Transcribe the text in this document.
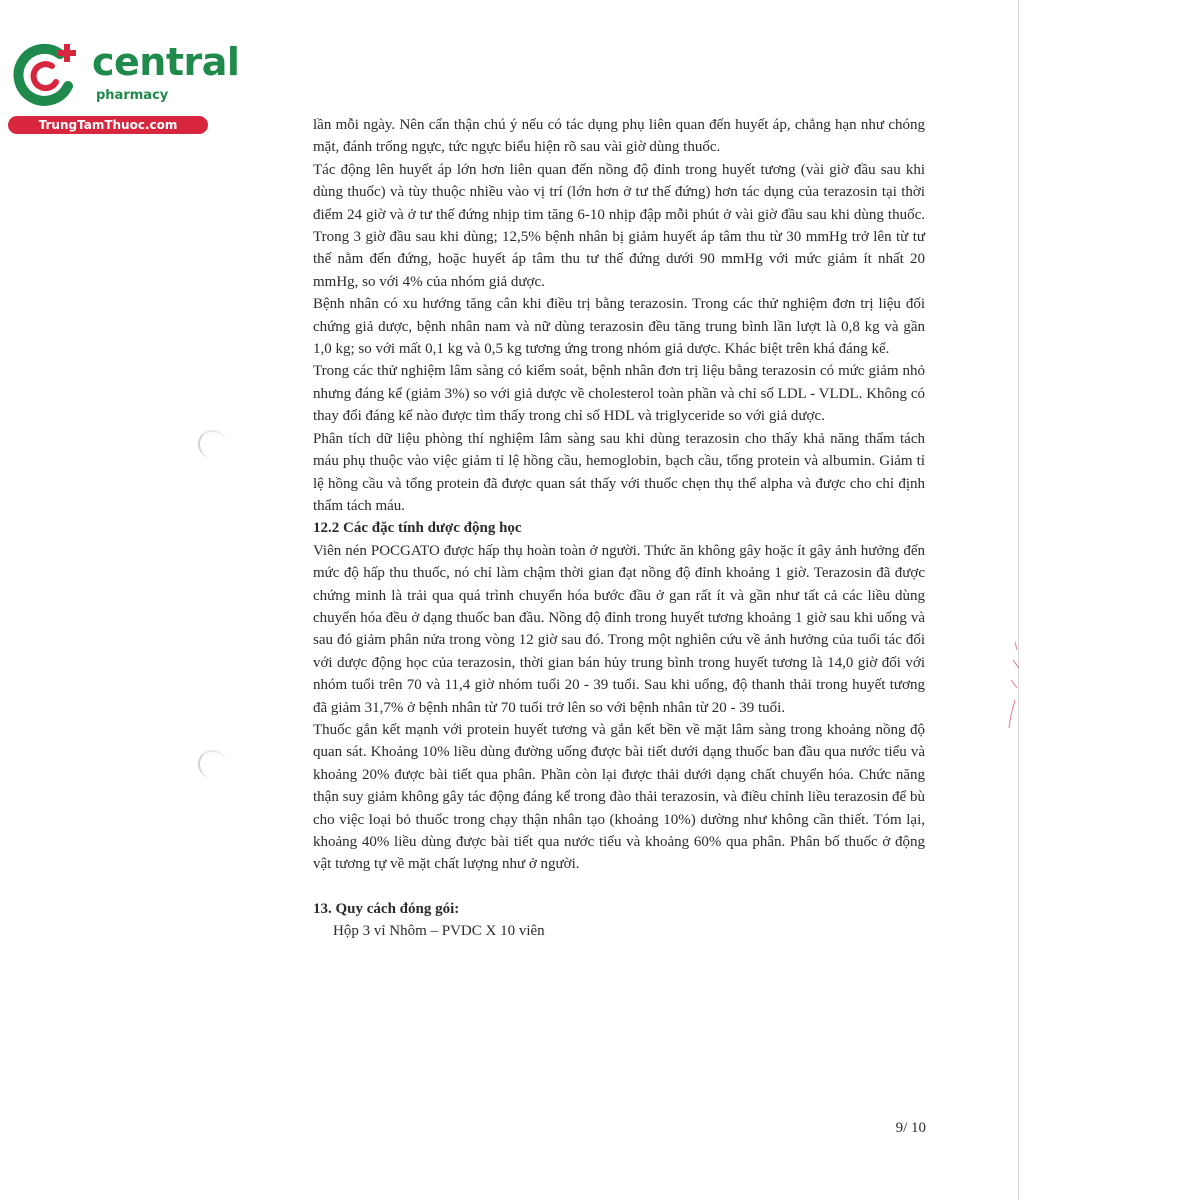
central
pharmacy
TrungTamThuoc.com	lần mỗi ngày. Nên cẩn thận chú ý nếu có tác dụng phụ liên quan đến huyết áp, chẳng hạn như chóng mặt, đánh trống ngực, tức ngực biểu hiện rõ sau vài giờ dùng thuốc.

Tác động lên huyết áp lớn hơn liên quan đến nồng độ đỉnh trong huyết tương (vài giờ đầu sau khi dùng thuốc) và tùy thuộc nhiều vào vị trí (lớn hơn ở tư thế đứng) hơn tác dụng của terazosin tại thời điểm 24 giờ và ở tư thế đứng nhịp tim tăng 6-10 nhịp đập mỗi phút ở vài giờ đầu sau khi dùng thuốc. Trong 3 giờ đầu sau khi dùng; 12,5% bệnh nhân bị giảm huyết áp tâm thu từ 30 mmHg trở lên từ tư thế nằm đến đứng, hoặc huyết áp tâm thu tư thế đứng dưới 90 mmHg với mức giảm ít nhất 20 mmHg, so với 4% của nhóm giả dược.

Bệnh nhân có xu hướng tăng cân khi điều trị bằng terazosin. Trong các thử nghiệm đơn trị liệu đối chứng giả dược, bệnh nhân nam và nữ dùng terazosin đều tăng trung bình lần lượt là 0,8 kg và gần 1,0 kg; so với mất 0,1 kg và 0,5 kg tương ứng trong nhóm giả dược. Khác biệt trên khá đáng kể.

Trong các thử nghiệm lâm sàng có kiểm soát, bệnh nhân đơn trị liệu bằng terazosin có mức giảm nhỏ nhưng đáng kể (giảm 3%) so với giả dược về cholesterol toàn phần và chỉ số LDL - VLDL. Không có thay đổi đáng kể nào được tìm thấy trong chỉ số HDL và triglyceride so với giả dược.

Phân tích dữ liệu phòng thí nghiệm lâm sàng sau khi dùng terazosin cho thấy khả năng thẩm tách máu phụ thuộc vào việc giảm tỉ lệ hồng cầu, hemoglobin, bạch cầu, tổng protein và albumin. Giảm tỉ lệ hồng cầu và tổng protein đã được quan sát thấy với thuốc chẹn thụ thể alpha và được cho chỉ định thẩm tách máu.

12.2 Các đặc tính dược động học

Viên nén POCGATO được hấp thụ hoàn toàn ở người. Thức ăn không gây hoặc ít gây ảnh hưởng đến mức độ hấp thu thuốc, nó chỉ làm chậm thời gian đạt nồng độ đỉnh khoảng 1 giờ. Terazosin đã được chứng minh là trải qua quá trình chuyển hóa bước đầu ở gan rất ít và gần như tất cả các liều dùng chuyển hóa đều ở dạng thuốc ban đầu. Nồng độ đỉnh trong huyết tương khoảng 1 giờ sau khi uống và sau đó giảm phân nửa trong vòng 12 giờ sau đó. Trong một nghiên cứu về ảnh hưởng của tuổi tác đối với dược động học của terazosin, thời gian bán hủy trung bình trong huyết tương là 14,0 giờ đối với nhóm tuổi trên 70 và 11,4 giờ nhóm tuổi 20 - 39 tuổi. Sau khi uống, độ thanh thải trong huyết tương đã giảm 31,7% ở bệnh nhân từ 70 tuổi trở lên so với bệnh nhân từ 20 - 39 tuổi.

Thuốc gắn kết mạnh với protein huyết tương và gắn kết bền về mặt lâm sàng trong khoảng nồng độ quan sát. Khoảng 10% liều dùng đường uống được bài tiết dưới dạng thuốc ban đầu qua nước tiểu và khoảng 20% được bài tiết qua phân. Phần còn lại được thải dưới dạng chất chuyển hóa. Chức năng thận suy giảm không gây tác động đáng kể trong đào thải terazosin, và điều chỉnh liều terazosin để bù cho việc loại bỏ thuốc trong chạy thận nhân tạo (khoảng 10%) dường như không cần thiết. Tóm lại, khoảng 40% liều dùng được bài tiết qua nước tiểu và khoảng 60% qua phân. Phân bố thuốc ở động vật tương tự về mặt chất lượng như ở người.

13. Quy cách đóng gói:

Hộp 3 vỉ Nhôm – PVDC X 10 viên

9/ 10
